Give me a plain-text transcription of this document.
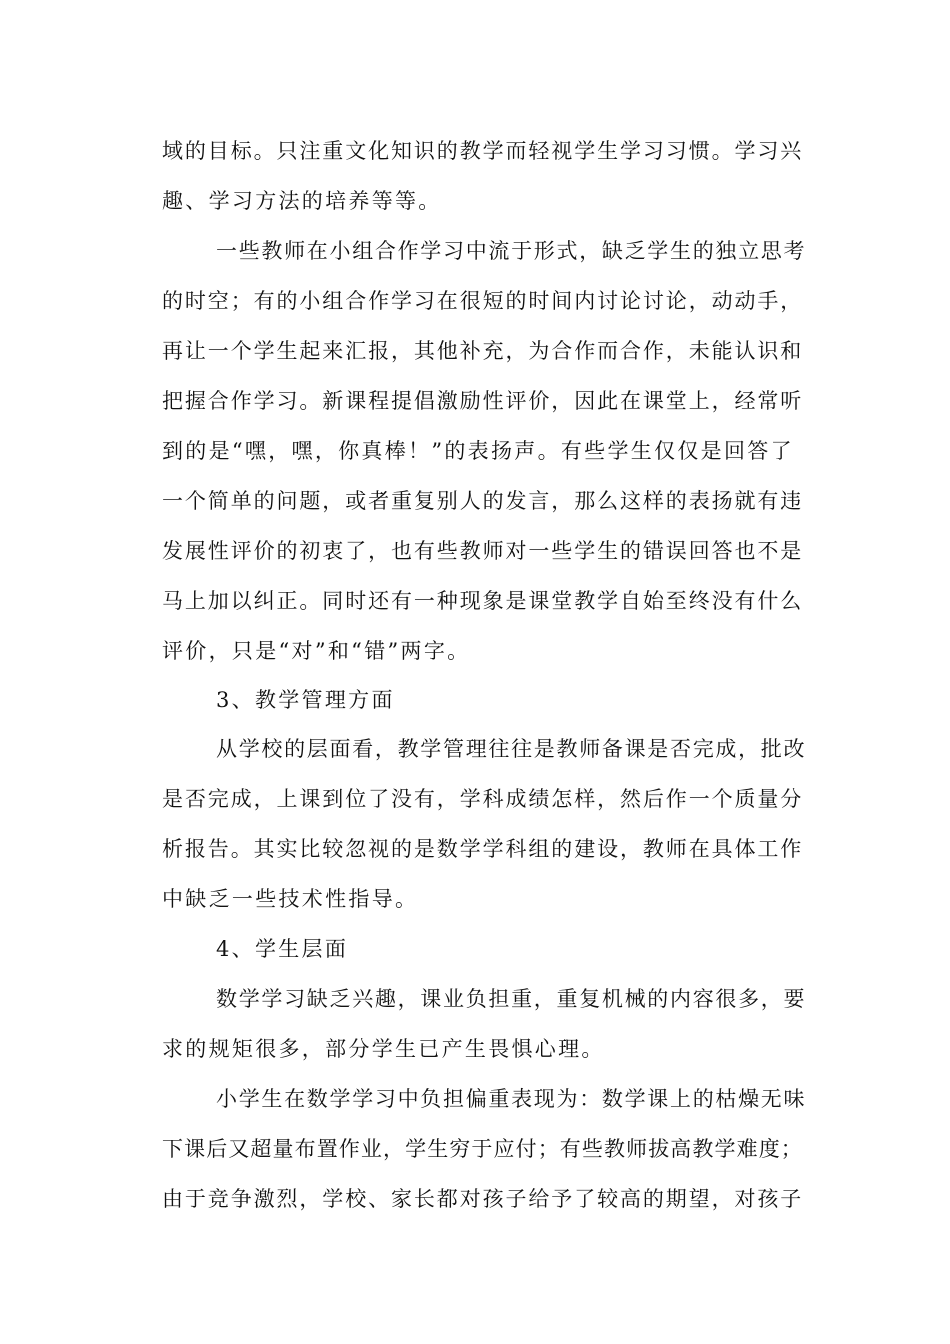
域的目标。只注重文化知识的教学而轻视学生学习习惯。学习兴
趣、学习方法的培养等等。
一些教师在小组合作学习中流于形式，缺乏学生的独立思考
的时空；有的小组合作学习在很短的时间内讨论讨论，动动手，
再让一个学生起来汇报，其他补充，为合作而合作，未能认识和
把握合作学习。新课程提倡激励性评价，因此在课堂上，经常听
到的是“嘿，嘿，你真棒！”的表扬声。有些学生仅仅是回答了
一个简单的问题，或者重复别人的发言，那么这样的表扬就有违
发展性评价的初衷了，也有些教师对一些学生的错误回答也不是
马上加以纠正。同时还有一种现象是课堂教学自始至终没有什么
评价，只是“对”和“错”两字。
3、教学管理方面
从学校的层面看，教学管理往往是教师备课是否完成，批改
是否完成，上课到位了没有，学科成绩怎样，然后作一个质量分
析报告。其实比较忽视的是数学学科组的建设，教师在具体工作
中缺乏一些技术性指导。
4、学生层面
数学学习缺乏兴趣，课业负担重，重复机械的内容很多，要
求的规矩很多，部分学生已产生畏惧心理。
小学生在数学学习中负担偏重表现为：数学课上的枯燥无味
下课后又超量布置作业，学生穷于应付；有些教师拔高教学难度；
由于竞争激烈，学校、家长都对孩子给予了较高的期望，对孩子
